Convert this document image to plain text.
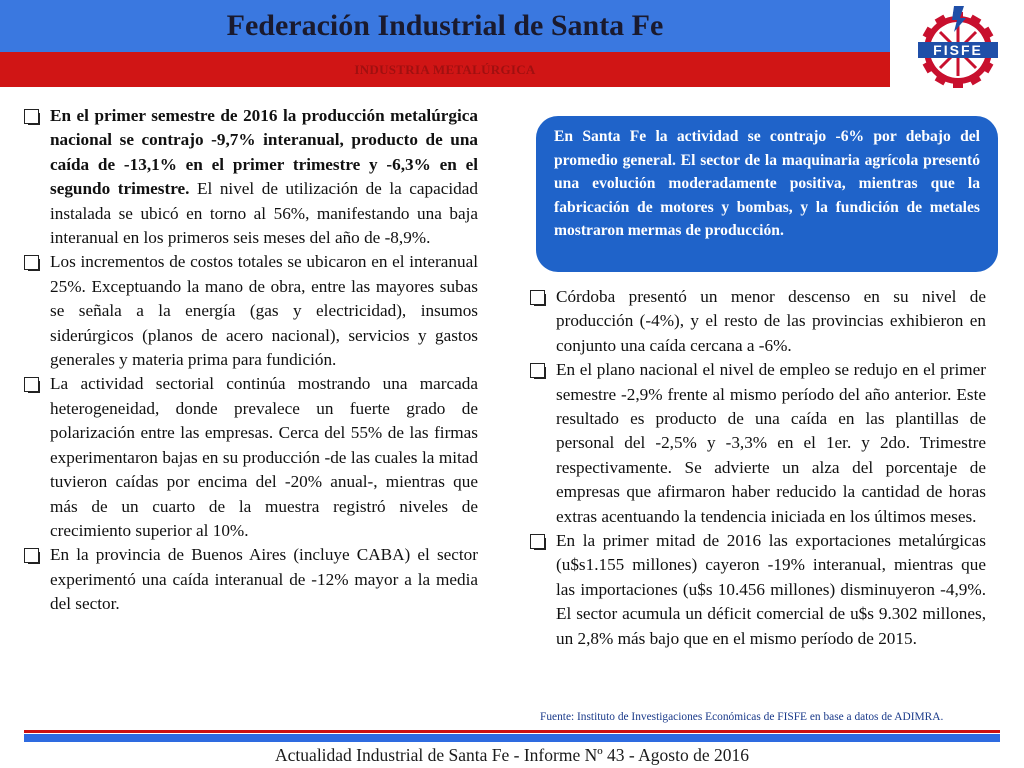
Federación Industrial de Santa Fe
INDUSTRIA METALÚRGICA
FISFE
En el primer semestre de 2016 la producción metalúrgica nacional se contrajo -9,7% interanual, producto de una caída de -13,1% en el primer trimestre y -6,3% en el segundo trimestre. El nivel de utilización de la capacidad instalada se ubicó en torno al 56%, manifestando una baja interanual en los primeros seis meses del año de -8,9%.
Los incrementos de costos totales se ubicaron en el interanual 25%. Exceptuando la mano de obra, entre las mayores subas se señala a la energía (gas y electricidad), insumos siderúrgicos (planos de acero nacional), servicios y gastos generales y materia prima para fundición.
La actividad sectorial continúa mostrando una marcada heterogeneidad, donde prevalece un fuerte grado de polarización entre las empresas. Cerca del 55% de las firmas experimentaron bajas en su producción -de las cuales la mitad tuvieron caídas por encima del -20% anual-, mientras que más de un cuarto de la muestra registró niveles de crecimiento superior al 10%.
En la provincia de Buenos Aires (incluye CABA) el sector experimentó una caída interanual de -12% mayor a la media del sector.
En Santa Fe la actividad se contrajo -6% por debajo del promedio general. El sector de la maquinaria agrícola presentó una evolución moderadamente positiva, mientras que la fabricación de motores y bombas, y la fundición de metales mostraron mermas de producción.
Córdoba presentó un menor descenso en su nivel de producción (-4%), y el resto de las provincias exhibieron en conjunto una caída cercana a -6%.
En el plano nacional el nivel de empleo se redujo en el primer semestre -2,9% frente al mismo período del año anterior. Este resultado es producto de una caída en las plantillas de personal del -2,5% y -3,3% en el 1er. y 2do. Trimestre respectivamente. Se advierte un alza del porcentaje de empresas que afirmaron haber reducido la cantidad de horas extras acentuando la tendencia iniciada en los últimos meses.
En la primer mitad de 2016 las exportaciones metalúrgicas (u$s1.155 millones) cayeron -19% interanual, mientras que las importaciones (u$s 10.456 millones) disminuyeron -4,9%. El sector acumula un déficit comercial de u$s 9.302 millones, un 2,8% más bajo que en el mismo período de 2015.
Fuente: Instituto de Investigaciones Económicas de FISFE en base a datos de ADIMRA.
Actualidad Industrial de Santa Fe - Informe Nº 43 - Agosto de 2016
